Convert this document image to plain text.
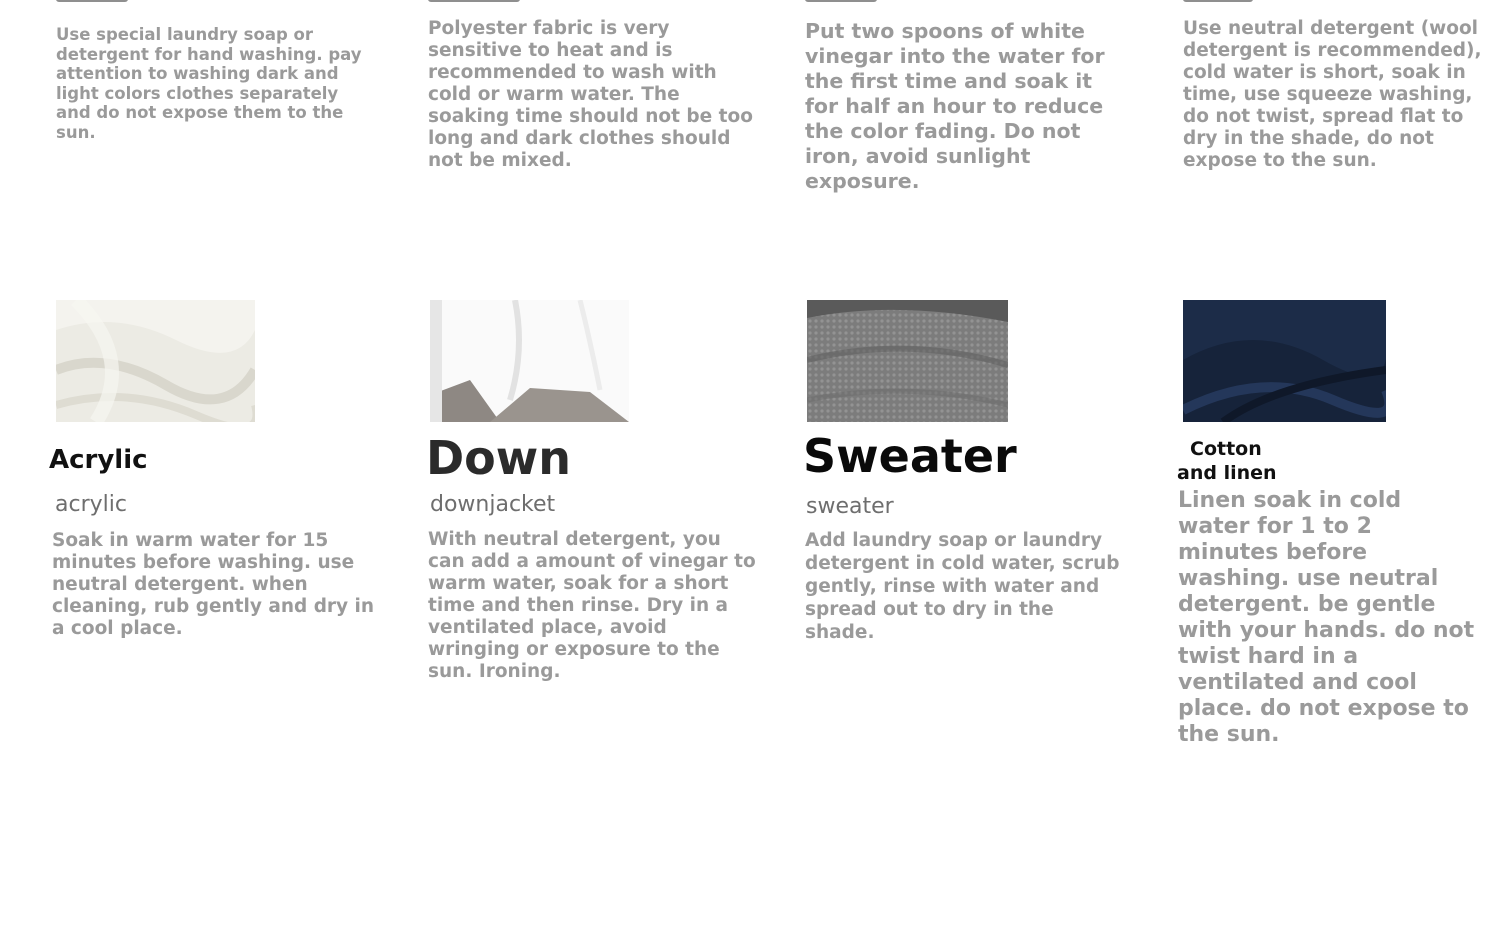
Use special laundry soap or detergent for hand washing. pay attention to washing dark and light colors clothes separately and do not expose them to the sun.

Polyester fabric is very sensitive to heat and is recommended to wash with cold or warm water. The soaking time should not be too long and dark clothes should not be mixed.

Put two spoons of white vinegar into the water for the first time and soak it for half an hour to reduce the color fading. Do not iron, avoid sunlight exposure.

Use neutral detergent (wool detergent is recommended), cold water is short, soak in time, use squeeze washing, do not twist, spread flat to dry in the shade, do not expose to the sun.

Acrylic	Down	Sweater	Cotton
and linen

acrylic	downjacket	sweater

Soak in warm water for 15 minutes before washing. use neutral detergent. when cleaning, rub gently and dry in a cool place.

With neutral detergent, you can add a amount of vinegar to warm water, soak for a short time and then rinse. Dry in a ventilated place, avoid wringing or exposure to the sun. Ironing.

Add laundry soap or laundry detergent in cold water, scrub gently, rinse with water and spread out to dry in the shade.

Linen soak in cold water for 1 to 2 minutes before washing. use neutral detergent. be gentle with your hands. do not twist hard in a ventilated and cool place. do not expose to the sun.
